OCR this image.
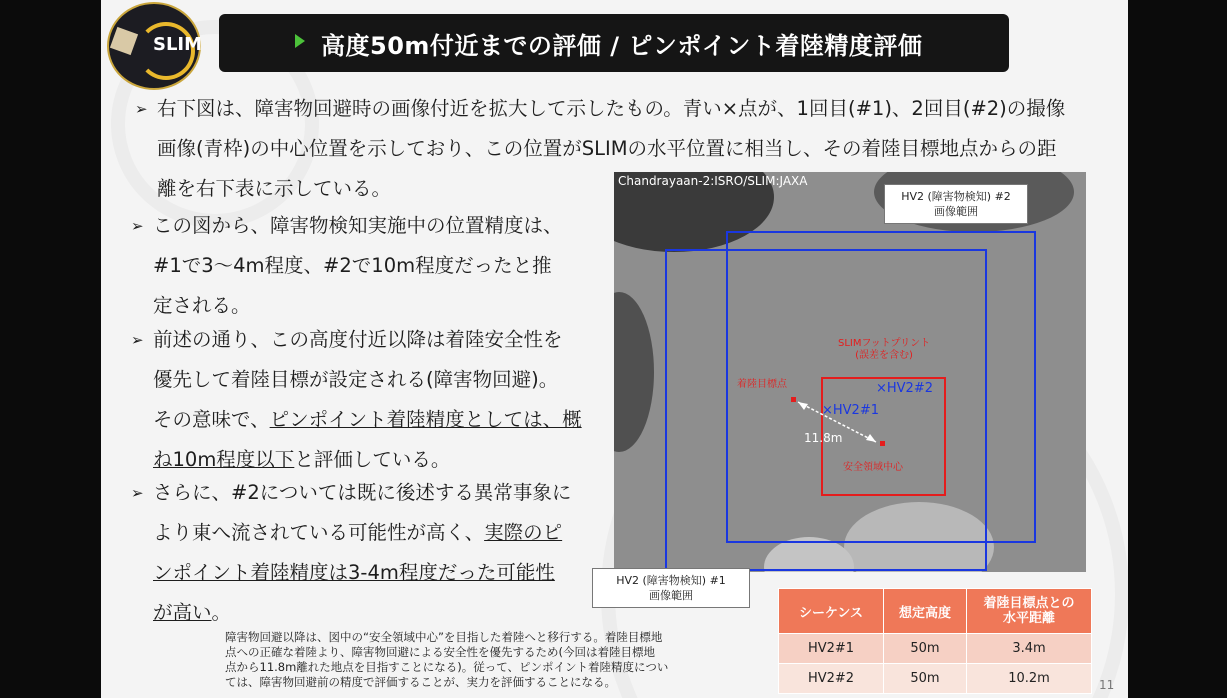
SLIM	高度50m付近までの評価 / ピンポイント着陸精度評価
➢ 右下図は、障害物回避時の画像付近を拡大して示したもの。青い×点が、1回目(#1)、2回目(#2)の撮像
画像(青枠)の中心位置を示しており、この位置がSLIMの水平位置に相当し、その着陸目標地点からの距
離を右下表に示している。
➢ この図から、障害物検知実施中の位置精度は、
#1で3～4m程度、#2で10m程度だったと推
定される。
➢ 前述の通り、この高度付近以降は着陸安全性を
優先して着陸目標が設定される(障害物回避)。
その意味で、ピンポイント着陸精度としては、概
ね10m程度以下と評価している。
➢ さらに、#2については既に後述する異常事象に
より東へ流されている可能性が高く、実際のピ
ンポイント着陸精度は3-4m程度だった可能性
が高い。
障害物回避以降は、図中の“安全領域中心”を目指した着陸へと移行する。着陸目標地
点への正確な着陸より、障害物回避による安全性を優先するため(今回は着陸目標地
点から11.8m離れた地点を目指すことになる)。従って、ピンポイント着陸精度につい
ては、障害物回避前の精度で評価することが、実力を評価することになる。
Chandrayaan-2:ISRO/SLIM:JAXA
SLIMフットプリント
(誤差を含む)
着陸目標点
安全領域中心
11.8m
×HV2#1
×HV2#2
HV2 (障害物検知) #2
画像範囲
HV2 (障害物検知) #1
画像範囲
シーケンス	想定高度	着陸目標点との
水平距離

HV2#1	50m	3.4m
HV2#2	50m	10.2m	11
